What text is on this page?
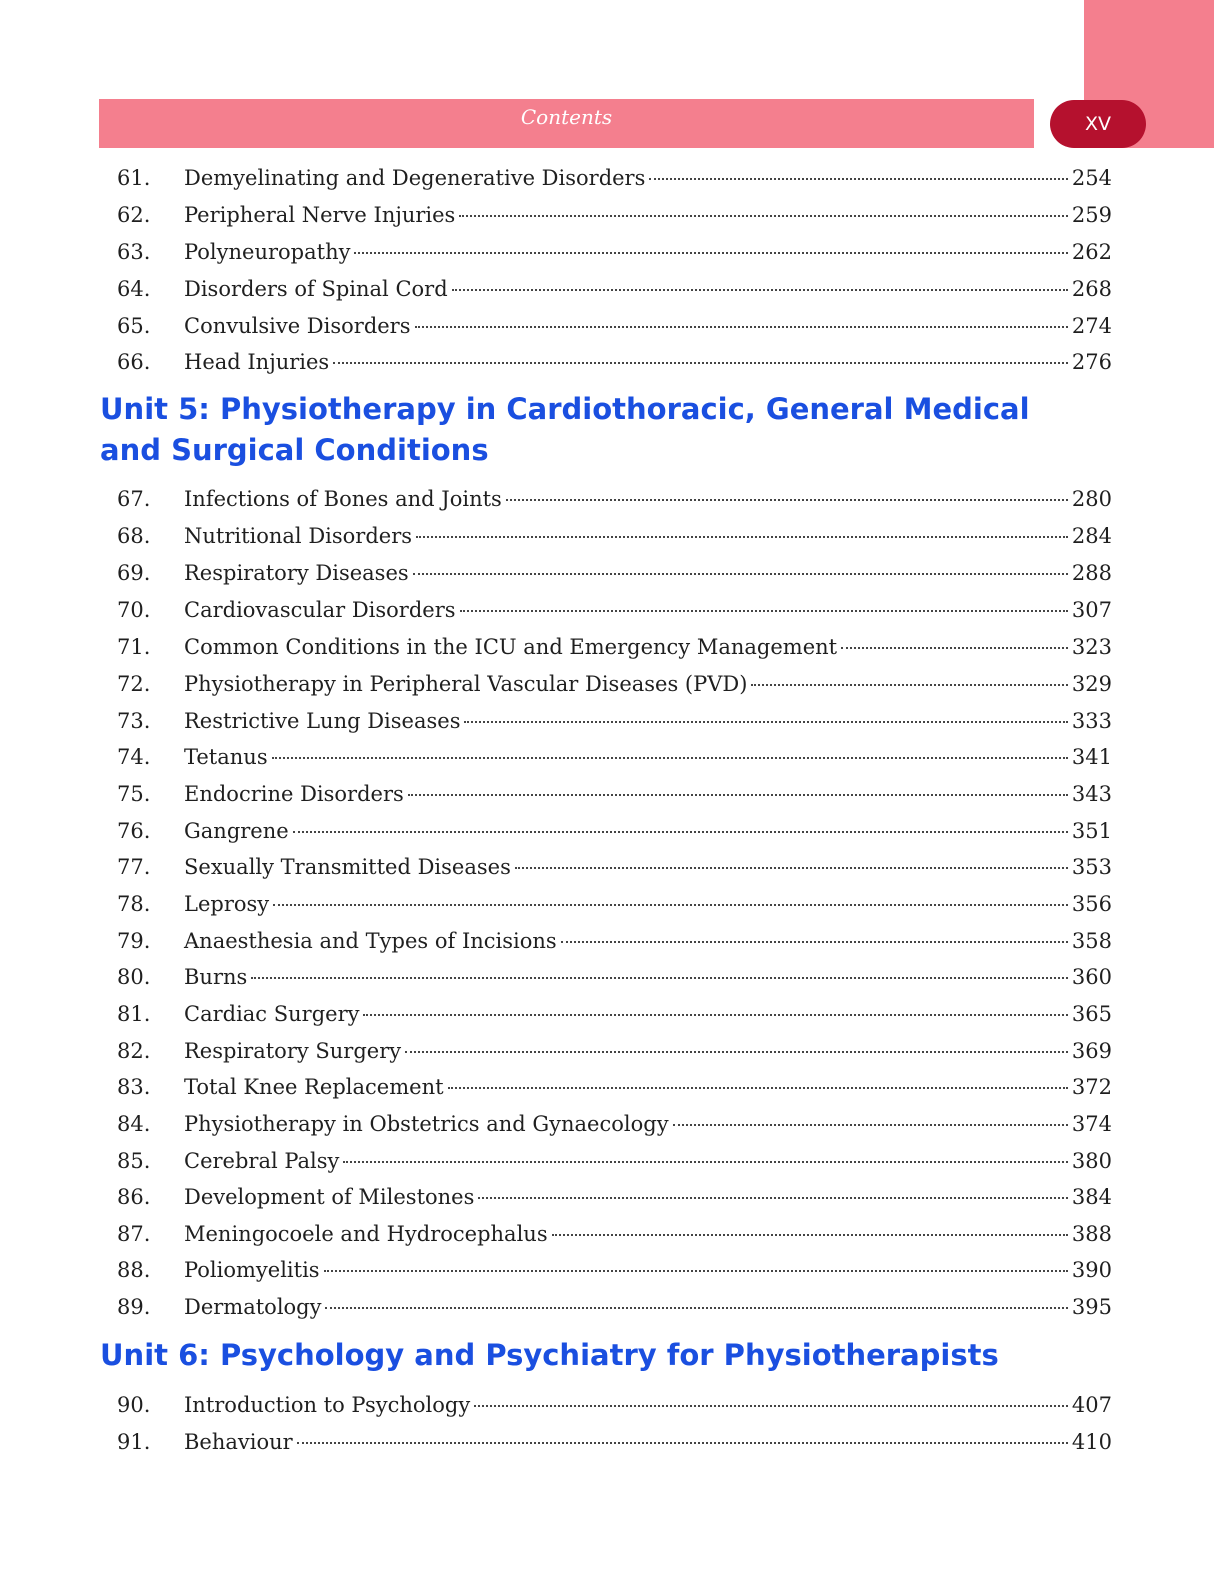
Contents	XV
61.	Demyelinating and Degenerative Disorders	254
62.	Peripheral Nerve Injuries	259
63.	Polyneuropathy	262
64.	Disorders of Spinal Cord	268
65.	Convulsive Disorders	274
66.	Head Injuries	276
Unit 5: Physiotherapy in Cardiothoracic, General Medical and Surgical Conditions
67.	Infections of Bones and Joints	280
68.	Nutritional Disorders	284
69.	Respiratory Diseases	288
70.	Cardiovascular Disorders	307
71.	Common Conditions in the ICU and Emergency Management	323
72.	Physiotherapy in Peripheral Vascular Diseases (PVD)	329
73.	Restrictive Lung Diseases	333
74.	Tetanus	341
75.	Endocrine Disorders	343
76.	Gangrene	351
77.	Sexually Transmitted Diseases	353
78.	Leprosy	356
79.	Anaesthesia and Types of Incisions	358
80.	Burns	360
81.	Cardiac Surgery	365
82.	Respiratory Surgery	369
83.	Total Knee Replacement	372
84.	Physiotherapy in Obstetrics and Gynaecology	374
85.	Cerebral Palsy	380
86.	Development of Milestones	384
87.	Meningocoele and Hydrocephalus	388
88.	Poliomyelitis	390
89.	Dermatology	395
Unit 6: Psychology and Psychiatry for Physiotherapists
90.	Introduction to Psychology	407
91.	Behaviour	410
